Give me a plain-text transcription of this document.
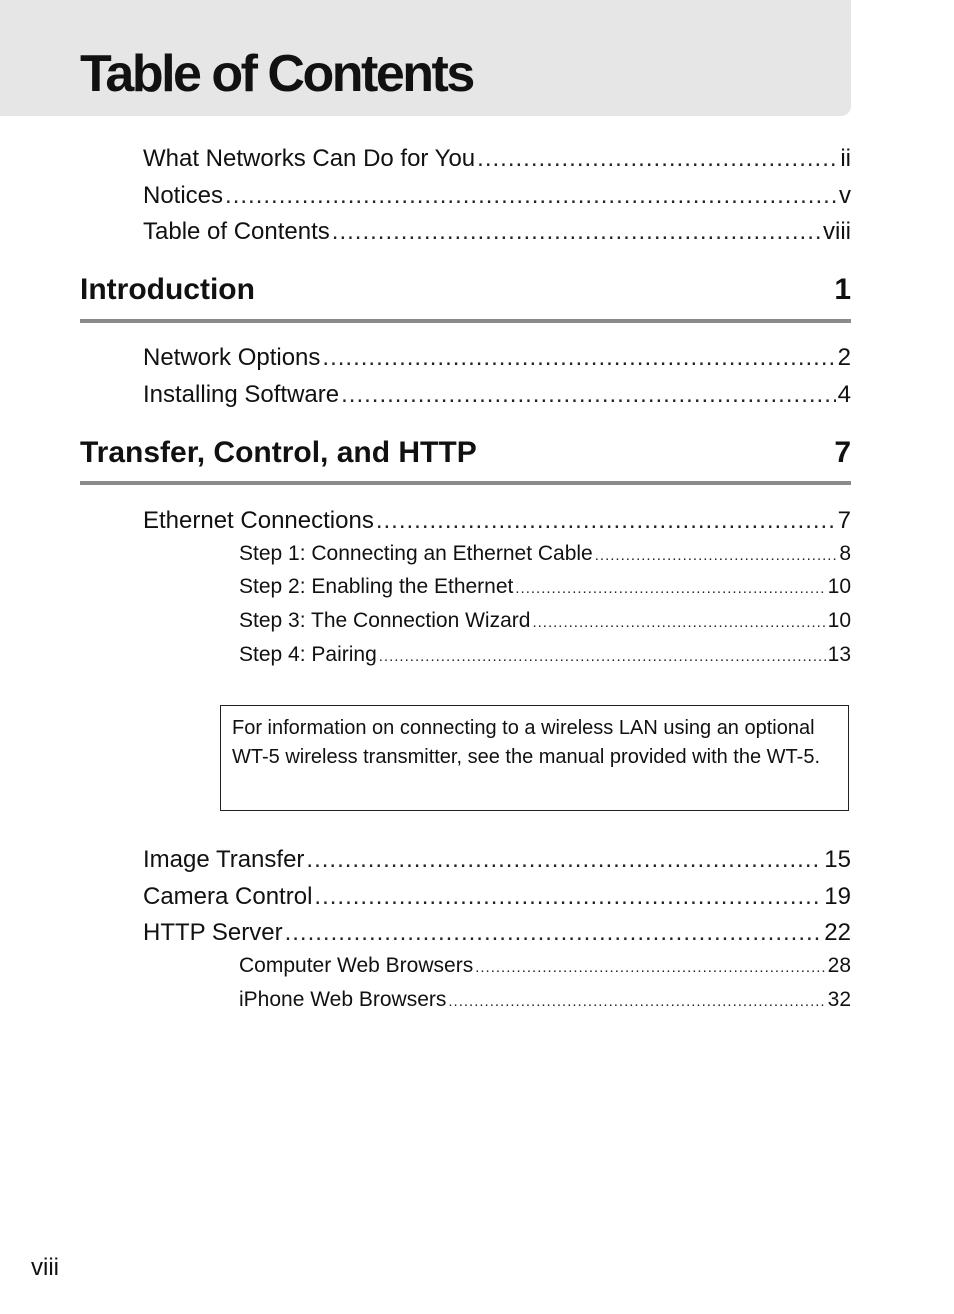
Table of Contents
What Networks Can Do for You .....	ii
Notices .....	v
Table of Contents .....	viii
Introduction	1
Network Options .....	2
Installing Software .....	4
Transfer, Control, and HTTP	7
Ethernet Connections .....	7
Step 1: Connecting an Ethernet Cable .....	8
Step 2: Enabling the Ethernet .....	10
Step 3: The Connection Wizard .....	10
Step 4: Pairing .....	13
For information on connecting to a wireless LAN using an optional WT-5 wireless transmitter, see the manual provided with the WT-5.
Image Transfer .....	15
Camera Control .....	19
HTTP Server .....	22
Computer Web Browsers .....	28
iPhone Web Browsers .....	32
viii
